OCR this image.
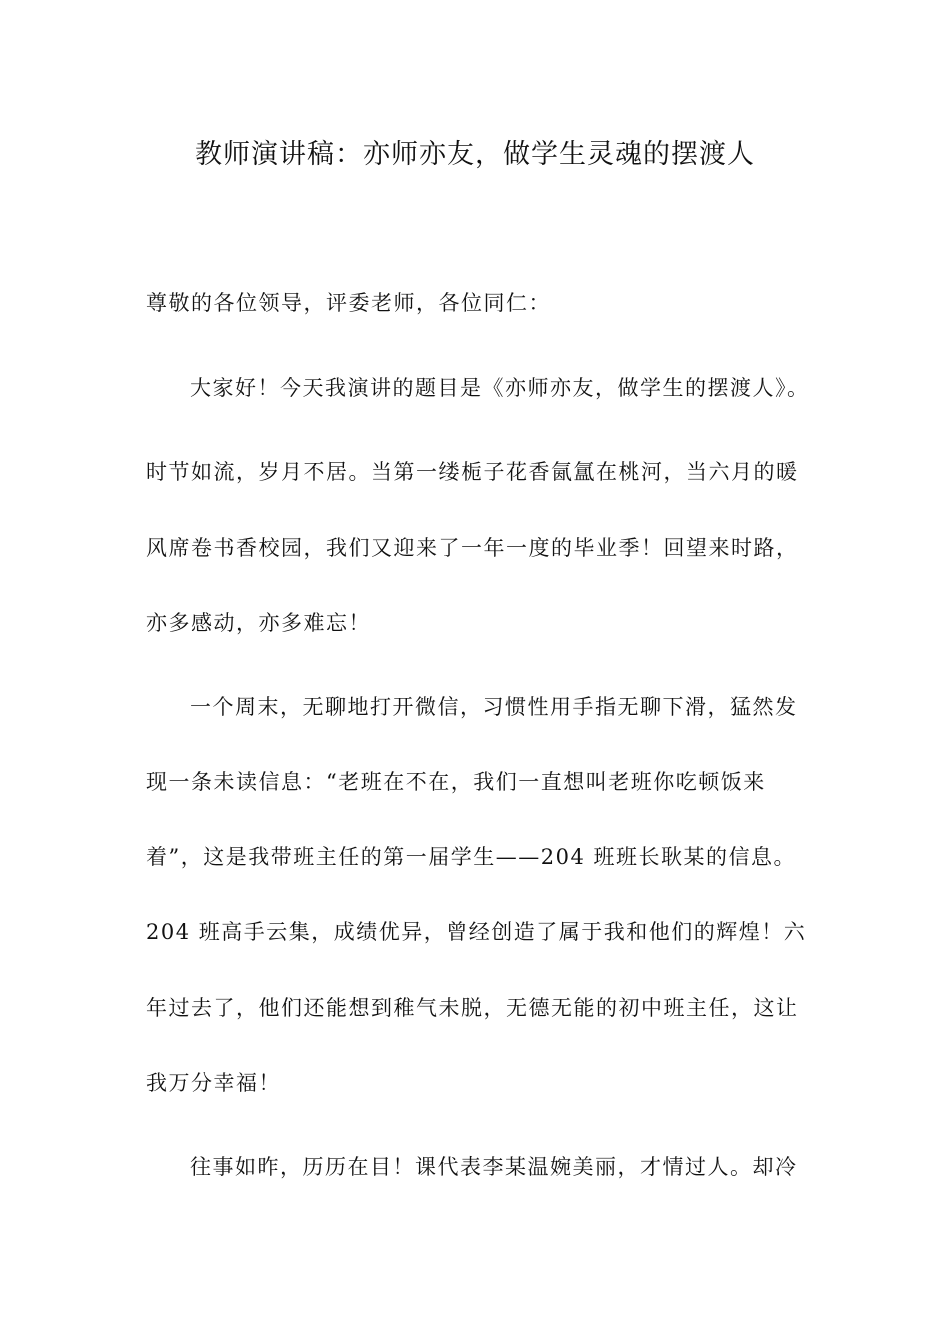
教师演讲稿：亦师亦友，做学生灵魂的摆渡人
尊敬的各位领导，评委老师，各位同仁：
大家好！今天我演讲的题目是《亦师亦友，做学生的摆渡人》。
时节如流，岁月不居。当第一缕栀子花香氤氲在桃河，当六月的暖
风席卷书香校园，我们又迎来了一年一度的毕业季！回望来时路，
亦多感动，亦多难忘！
一个周末，无聊地打开微信，习惯性用手指无聊下滑，猛然发
现一条未读信息：“老班在不在，我们一直想叫老班你吃顿饭来
着”，这是我带班主任的第一届学生——204 班班长耿某的信息。
204 班高手云集，成绩优异，曾经创造了属于我和他们的辉煌！六
年过去了，他们还能想到稚气未脱，无德无能的初中班主任，这让
我万分幸福！
往事如昨，历历在目！课代表李某温婉美丽，才情过人。却冷
